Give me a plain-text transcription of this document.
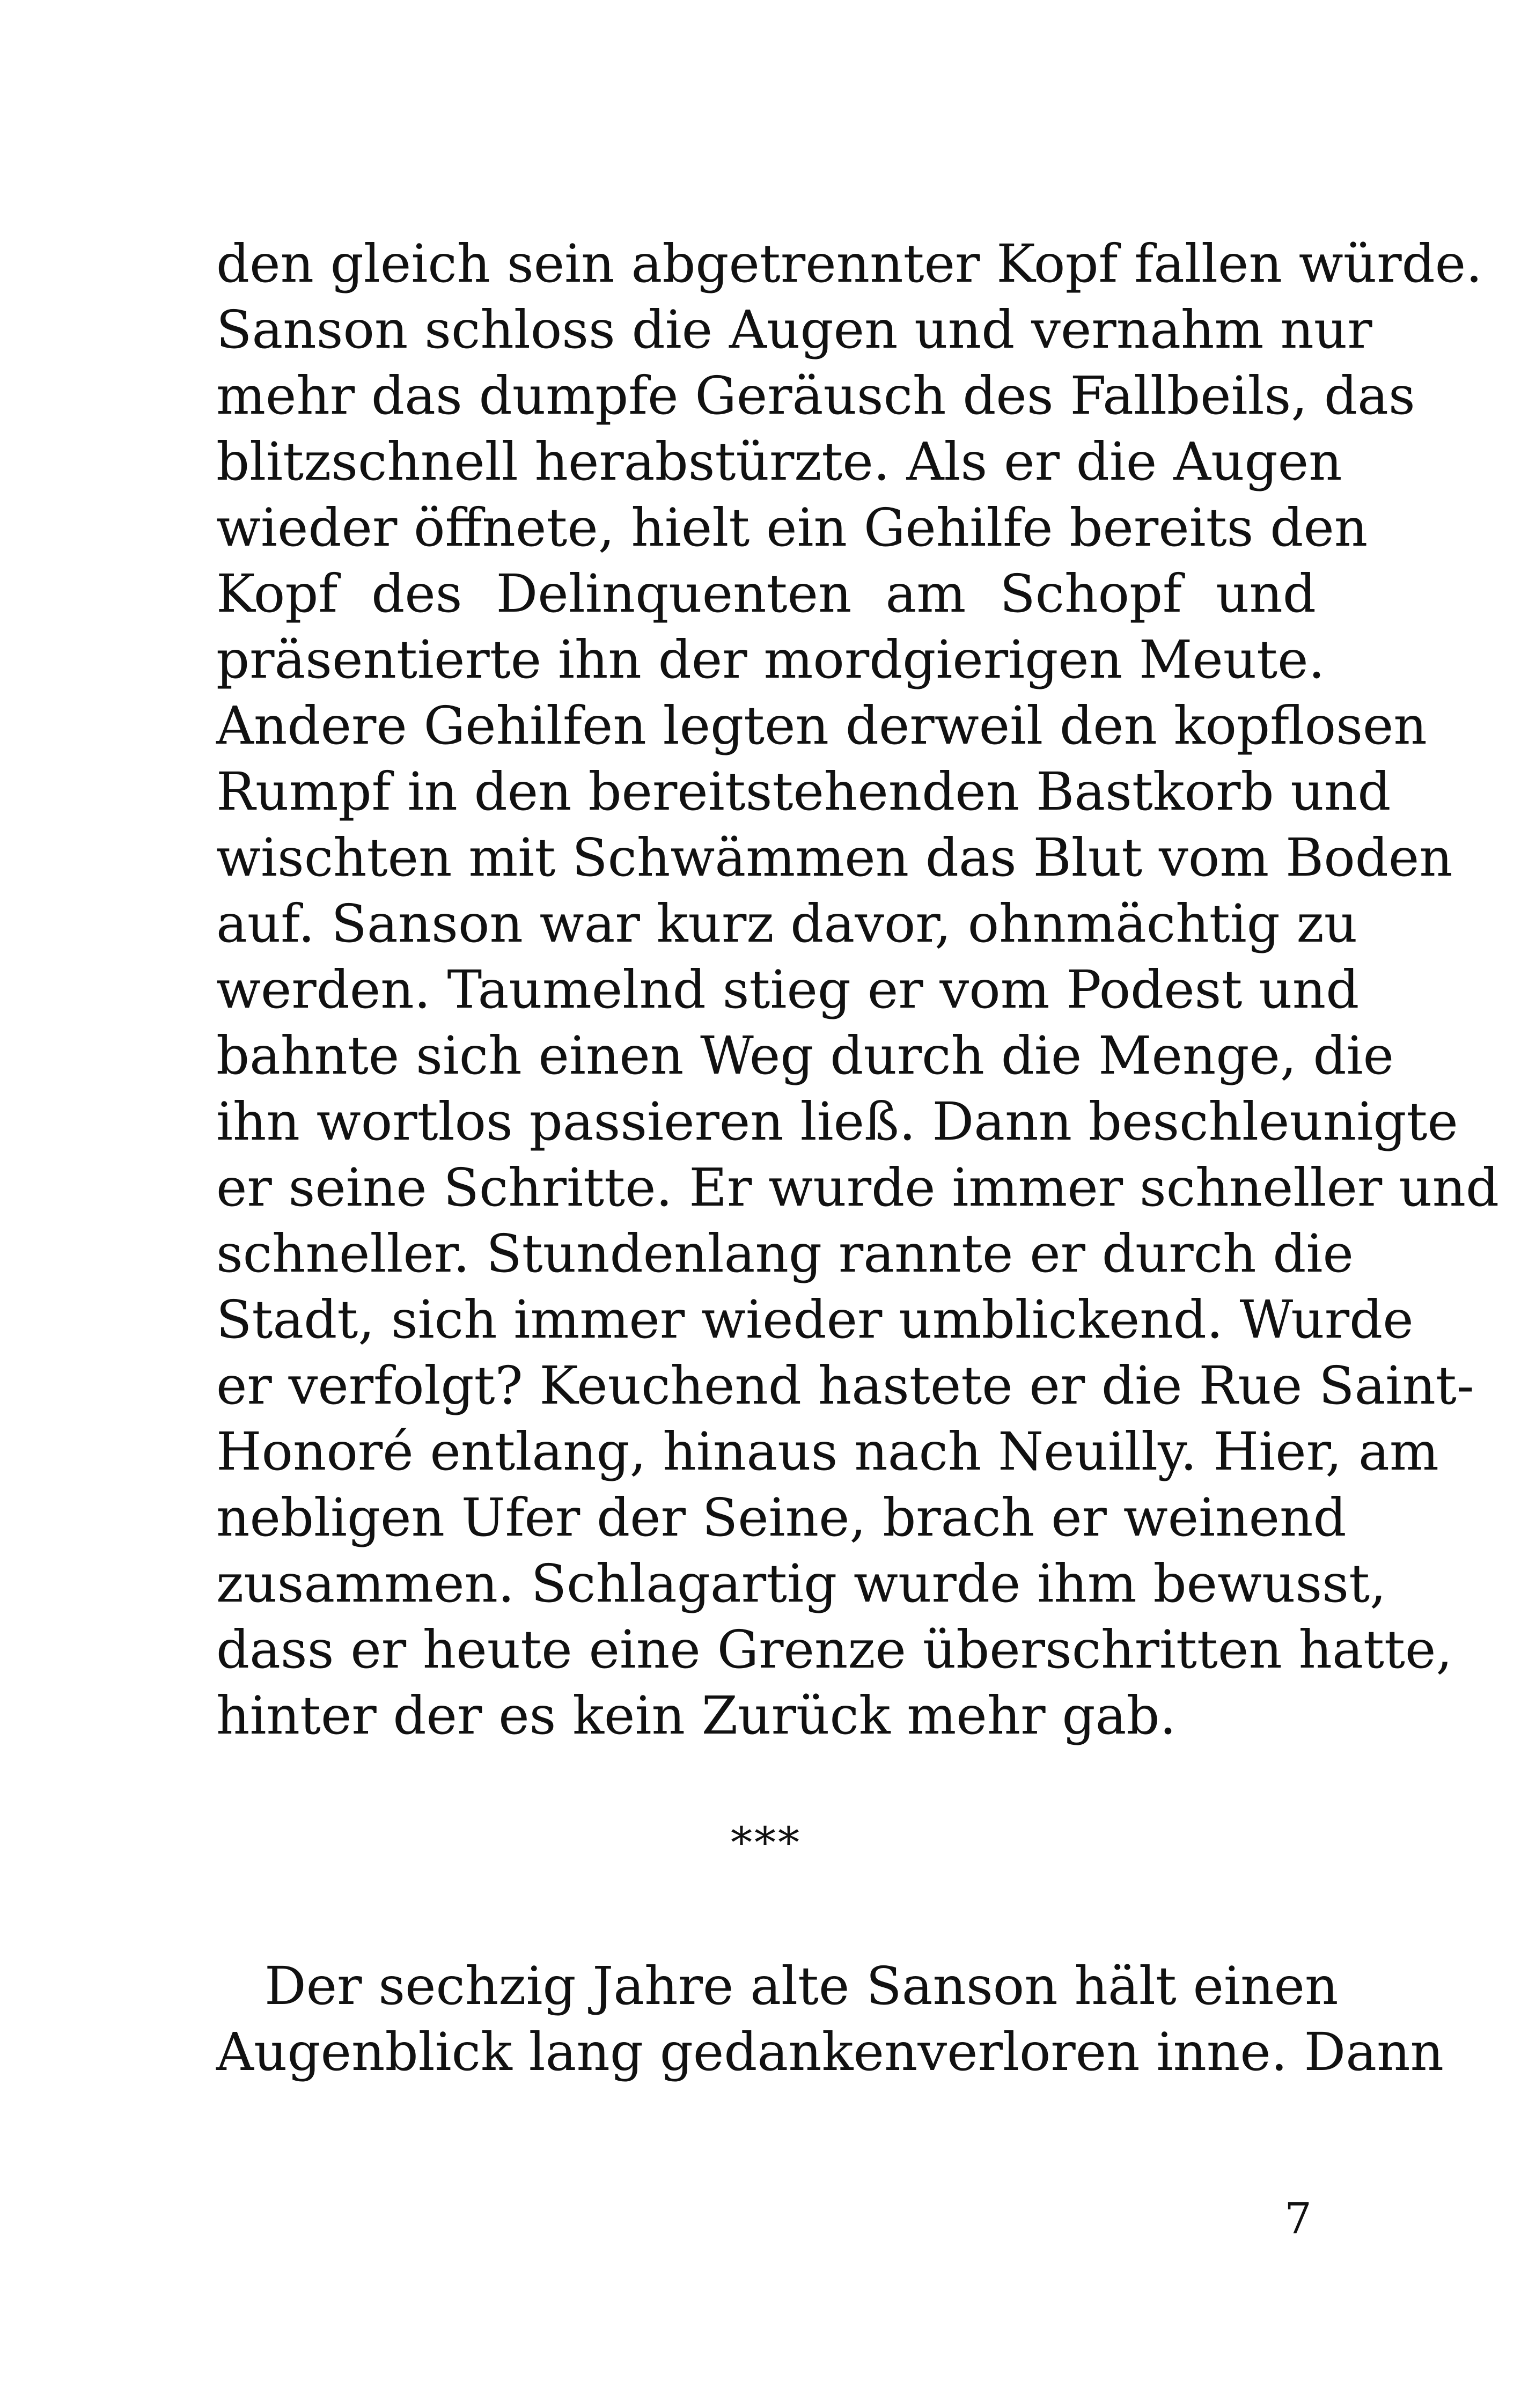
den gleich sein abgetrennter Kopf fallen würde.
Sanson schloss die Augen und vernahm nur
mehr das dumpfe Geräusch des Fallbeils, das
blitzschnell herabstürzte. Als er die Augen
wieder öffnete, hielt ein Gehilfe bereits den
Kopf des Delinquenten am Schopf und
präsentierte ihn der mordgierigen Meute.
Andere Gehilfen legten derweil den kopflosen
Rumpf in den bereitstehenden Bastkorb und
wischten mit Schwämmen das Blut vom Boden
auf. Sanson war kurz davor, ohnmächtig zu
werden. Taumelnd stieg er vom Podest und
bahnte sich einen Weg durch die Menge, die
ihn wortlos passieren ließ. Dann beschleunigte
er seine Schritte. Er wurde immer schneller und
schneller. Stundenlang rannte er durch die
Stadt, sich immer wieder umblickend. Wurde
er verfolgt? Keuchend hastete er die Rue Saint-
Honoré entlang, hinaus nach Neuilly. Hier, am
nebligen Ufer der Seine, brach er weinend
zusammen. Schlagartig wurde ihm bewusst,
dass er heute eine Grenze überschritten hatte,
hinter der es kein Zurück mehr gab.
***
Der sechzig Jahre alte Sanson hält einen
Augenblick lang gedankenverloren inne. Dann
7
